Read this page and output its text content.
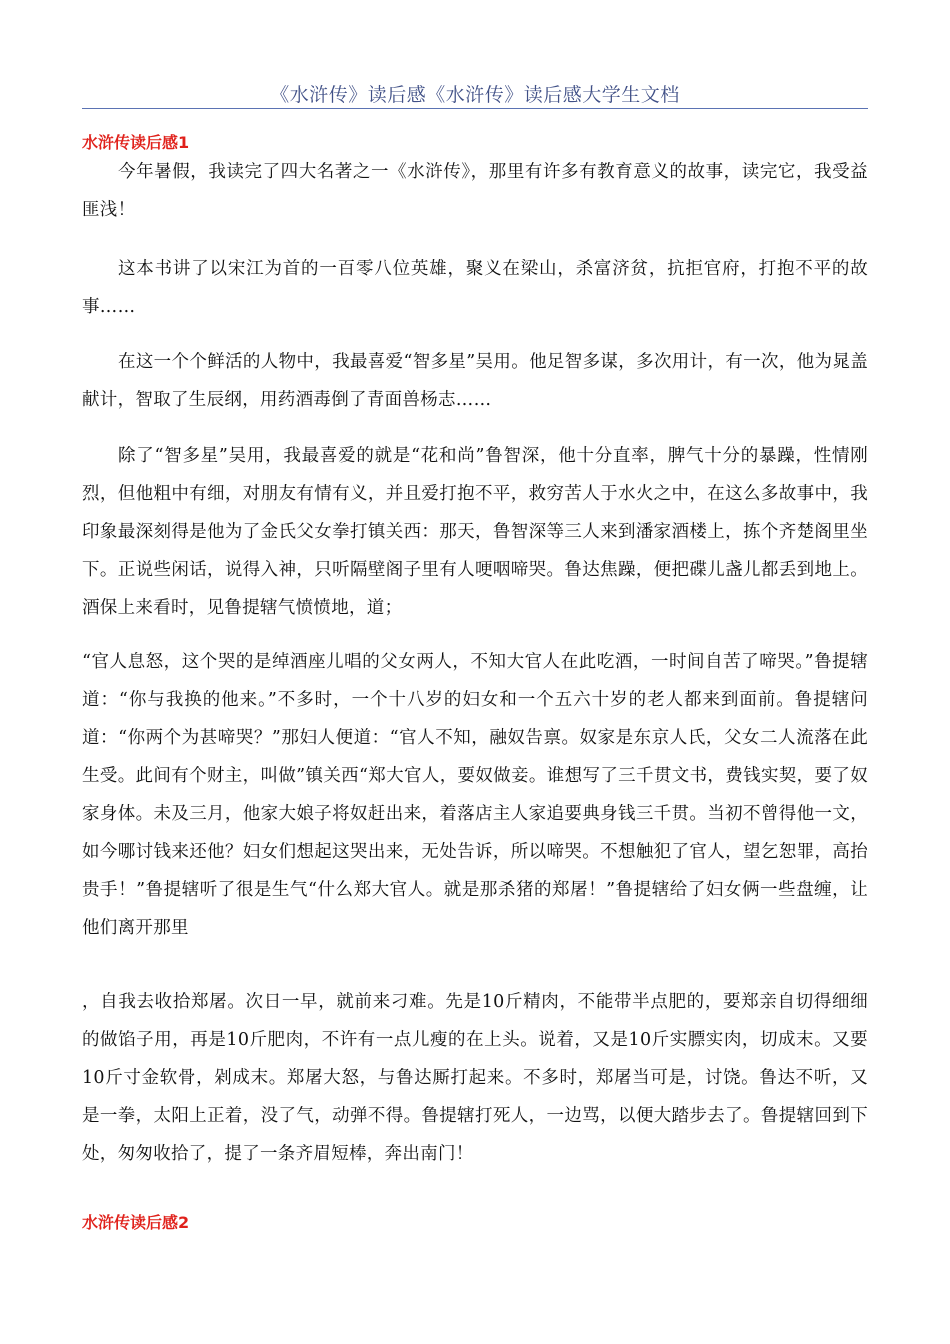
《水浒传》读后感《水浒传》读后感大学生文档
水浒传读后感1

今年暑假，我读完了四大名著之一《水浒传》，那里有许多有教育意义的故事，读完它，我受益匪浅！

这本书讲了以宋江为首的一百零八位英雄，聚义在梁山，杀富济贫，抗拒官府，打抱不平的故事……

在这一个个鲜活的人物中，我最喜爱“智多星”吴用。他足智多谋，多次用计，有一次，他为晁盖献计，智取了生辰纲，用药酒毒倒了青面兽杨志……

除了“智多星”吴用，我最喜爱的就是“花和尚”鲁智深，他十分直率，脾气十分的暴躁，性情刚烈，但他粗中有细，对朋友有情有义，并且爱打抱不平，救穷苦人于水火之中，在这么多故事中，我印象最深刻得是他为了金氏父女拳打镇关西：那天，鲁智深等三人来到潘家酒楼上，拣个齐楚阁里坐下。正说些闲话，说得入神，只听隔壁阁子里有人哽咽啼哭。鲁达焦躁，便把碟儿盏儿都丢到地上。酒保上来看时，见鲁提辖气愤愤地，道；

“官人息怒，这个哭的是绰酒座儿唱的父女两人，不知大官人在此吃酒，一时间自苦了啼哭。”鲁提辖道：“你与我换的他来。”不多时，一个十八岁的妇女和一个五六十岁的老人都来到面前。鲁提辖问道：“你两个为甚啼哭？”那妇人便道：“官人不知，融奴告禀。奴家是东京人氏，父女二人流落在此生受。此间有个财主，叫做”镇关西“郑大官人，要奴做妾。谁想写了三千贯文书，费钱实契，要了奴家身体。未及三月，他家大娘子将奴赶出来，着落店主人家追要典身钱三千贯。当初不曾得他一文，如今哪讨钱来还他？妇女们想起这哭出来，无处告诉，所以啼哭。不想触犯了官人，望乞恕罪，高抬贵手！”鲁提辖听了很是生气“什么郑大官人。就是那杀猪的郑屠！”鲁提辖给了妇女俩一些盘缠，让他们离开那里

，自我去收拾郑屠。次日一早，就前来刁难。先是10斤精肉，不能带半点肥的，要郑亲自切得细细的做馅子用，再是10斤肥肉，不许有一点儿瘦的在上头。说着，又是10斤实膘实肉，切成末。又要10斤寸金软骨，剁成末。郑屠大怒，与鲁达厮打起来。不多时，郑屠当可是，讨饶。鲁达不听，又是一拳，太阳上正着，没了气，动弹不得。鲁提辖打死人，一边骂，以便大踏步去了。鲁提辖回到下处，匆匆收拾了，提了一条齐眉短棒，奔出南门！

水浒传读后感2
